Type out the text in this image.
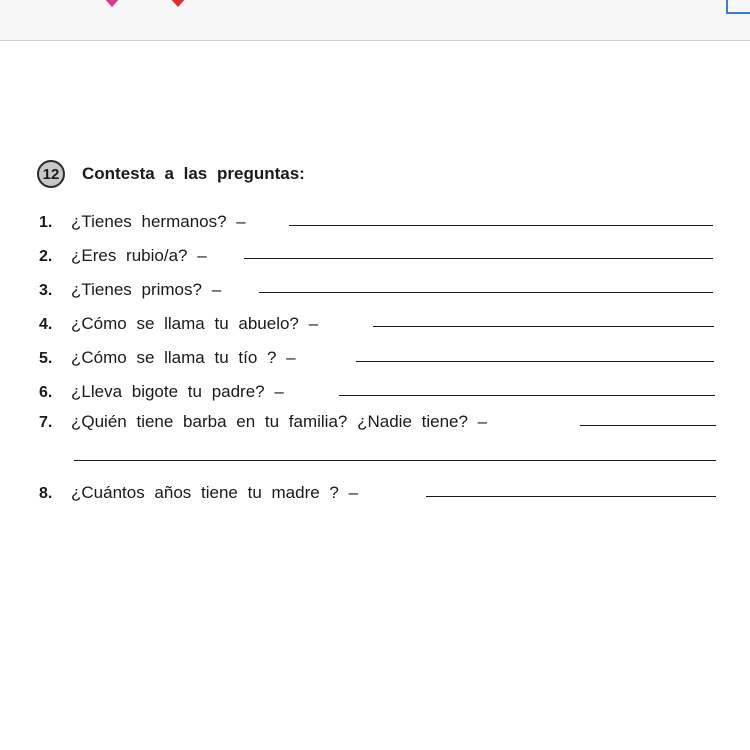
12	Contesta a las preguntas:
1.	¿Tienes hermanos? –
2.	¿Eres rubio/a? –
3.	¿Tienes primos? –
4.	¿Cómo se llama tu abuelo? –
5.	¿Cómo se llama tu tío ? –
6.	¿Lleva bigote tu padre? –
7.	¿Quién tiene barba en tu familia? ¿Nadie tiene? –
8.	¿Cuántos años tiene tu madre ? –
